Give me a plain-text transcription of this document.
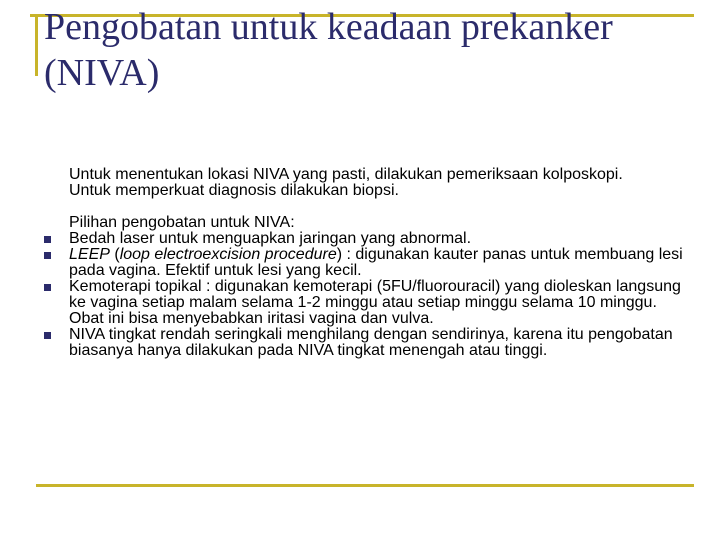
Pengobatan untuk keadaan prekanker
(NIVA)
Untuk menentukan lokasi NIVA yang pasti, dilakukan pemeriksaan kolposkopi.
Untuk memperkuat diagnosis dilakukan biopsi.
Pilihan pengobatan untuk NIVA:
Bedah laser untuk menguapkan jaringan yang abnormal.
LEEP (loop electroexcision procedure) : digunakan kauter panas untuk membuang lesi pada vagina. Efektif untuk lesi yang kecil.
Kemoterapi topikal : digunakan kemoterapi (5FU/fluorouracil) yang dioleskan langsung ke vagina setiap malam selama 1-2 minggu atau setiap minggu selama 10 minggu.
Obat ini bisa menyebabkan iritasi vagina dan vulva.
NIVA tingkat rendah seringkali menghilang dengan sendirinya, karena itu pengobatan biasanya hanya dilakukan pada NIVA tingkat menengah atau tinggi.
